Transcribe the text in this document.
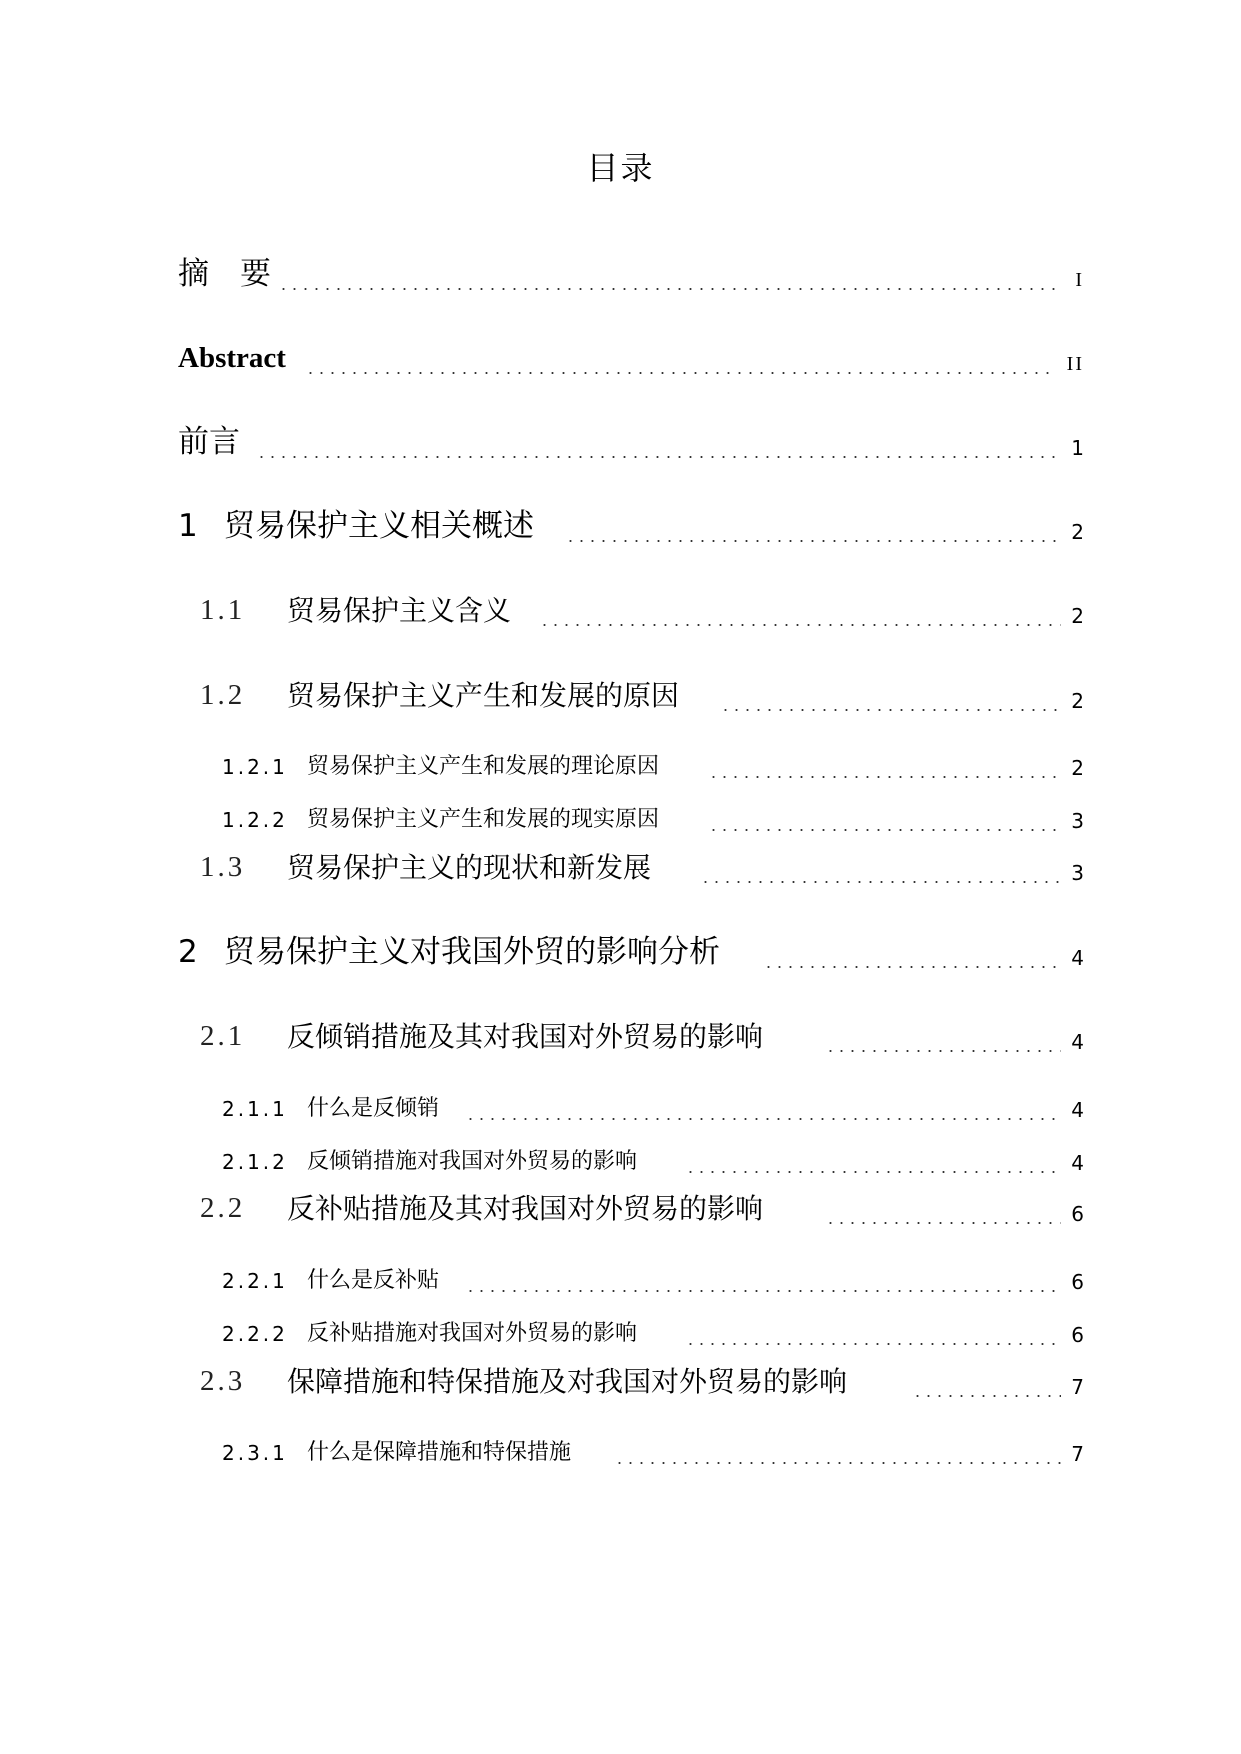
目录
摘　要	I
Abstract	II
前言	1
1 贸易保护主义相关概述	2
1.1 贸易保护主义含义	2
1.2 贸易保护主义产生和发展的原因	2
1.2.1 贸易保护主义产生和发展的理论原因	2
1.2.2 贸易保护主义产生和发展的现实原因	3
1.3 贸易保护主义的现状和新发展	3
2 贸易保护主义对我国外贸的影响分析	4
2.1 反倾销措施及其对我国对外贸易的影响	4
2.1.1 什么是反倾销	4
2.1.2 反倾销措施对我国对外贸易的影响	4
2.2 反补贴措施及其对我国对外贸易的影响	6
2.2.1 什么是反补贴	6
2.2.2 反补贴措施对我国对外贸易的影响	6
2.3 保障措施和特保措施及对我国对外贸易的影响	7
2.3.1 什么是保障措施和特保措施	7
